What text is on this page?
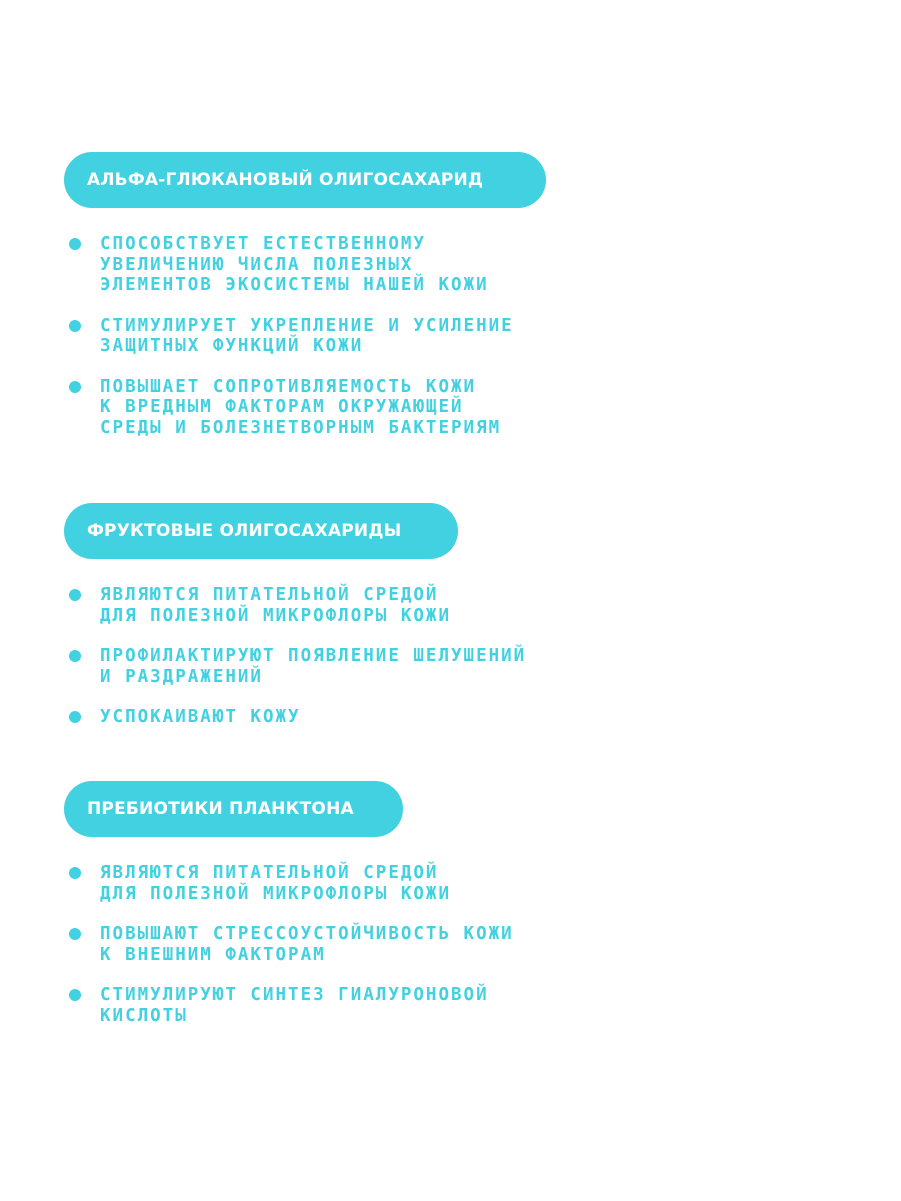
АЛЬФА-ГЛЮКАНОВЫЙ ОЛИГОСАХАРИД
СПОСОБСТВУЕТ ЕСТЕСТВЕННОМУ
УВЕЛИЧЕНИЮ ЧИСЛА ПОЛЕЗНЫХ
ЭЛЕМЕНТОВ ЭКОСИСТЕМЫ НАШЕЙ КОЖИ
СТИМУЛИРУЕТ УКРЕПЛЕНИЕ И УСИЛЕНИЕ
ЗАЩИТНЫХ ФУНКЦИЙ КОЖИ
ПОВЫШАЕТ СОПРОТИВЛЯЕМОСТЬ КОЖИ
К ВРЕДНЫМ ФАКТОРАМ ОКРУЖАЮЩЕЙ
СРЕДЫ И БОЛЕЗНЕТВОРНЫМ БАКТЕРИЯМ
ФРУКТОВЫЕ ОЛИГОСАХАРИДЫ
ЯВЛЯЮТСЯ ПИТАТЕЛЬНОЙ СРЕДОЙ
ДЛЯ ПОЛЕЗНОЙ МИКРОФЛОРЫ КОЖИ
ПРОФИЛАКТИРУЮТ ПОЯВЛЕНИЕ ШЕЛУШЕНИЙ
И РАЗДРАЖЕНИЙ
УСПОКАИВАЮТ КОЖУ
ПРЕБИОТИКИ ПЛАНКТОНА
ЯВЛЯЮТСЯ ПИТАТЕЛЬНОЙ СРЕДОЙ
ДЛЯ ПОЛЕЗНОЙ МИКРОФЛОРЫ КОЖИ
ПОВЫШАЮТ СТРЕССОУСТОЙЧИВОСТЬ КОЖИ
К ВНЕШНИМ ФАКТОРАМ
СТИМУЛИРУЮТ СИНТЕЗ ГИАЛУРОНОВОЙ
КИСЛОТЫ
